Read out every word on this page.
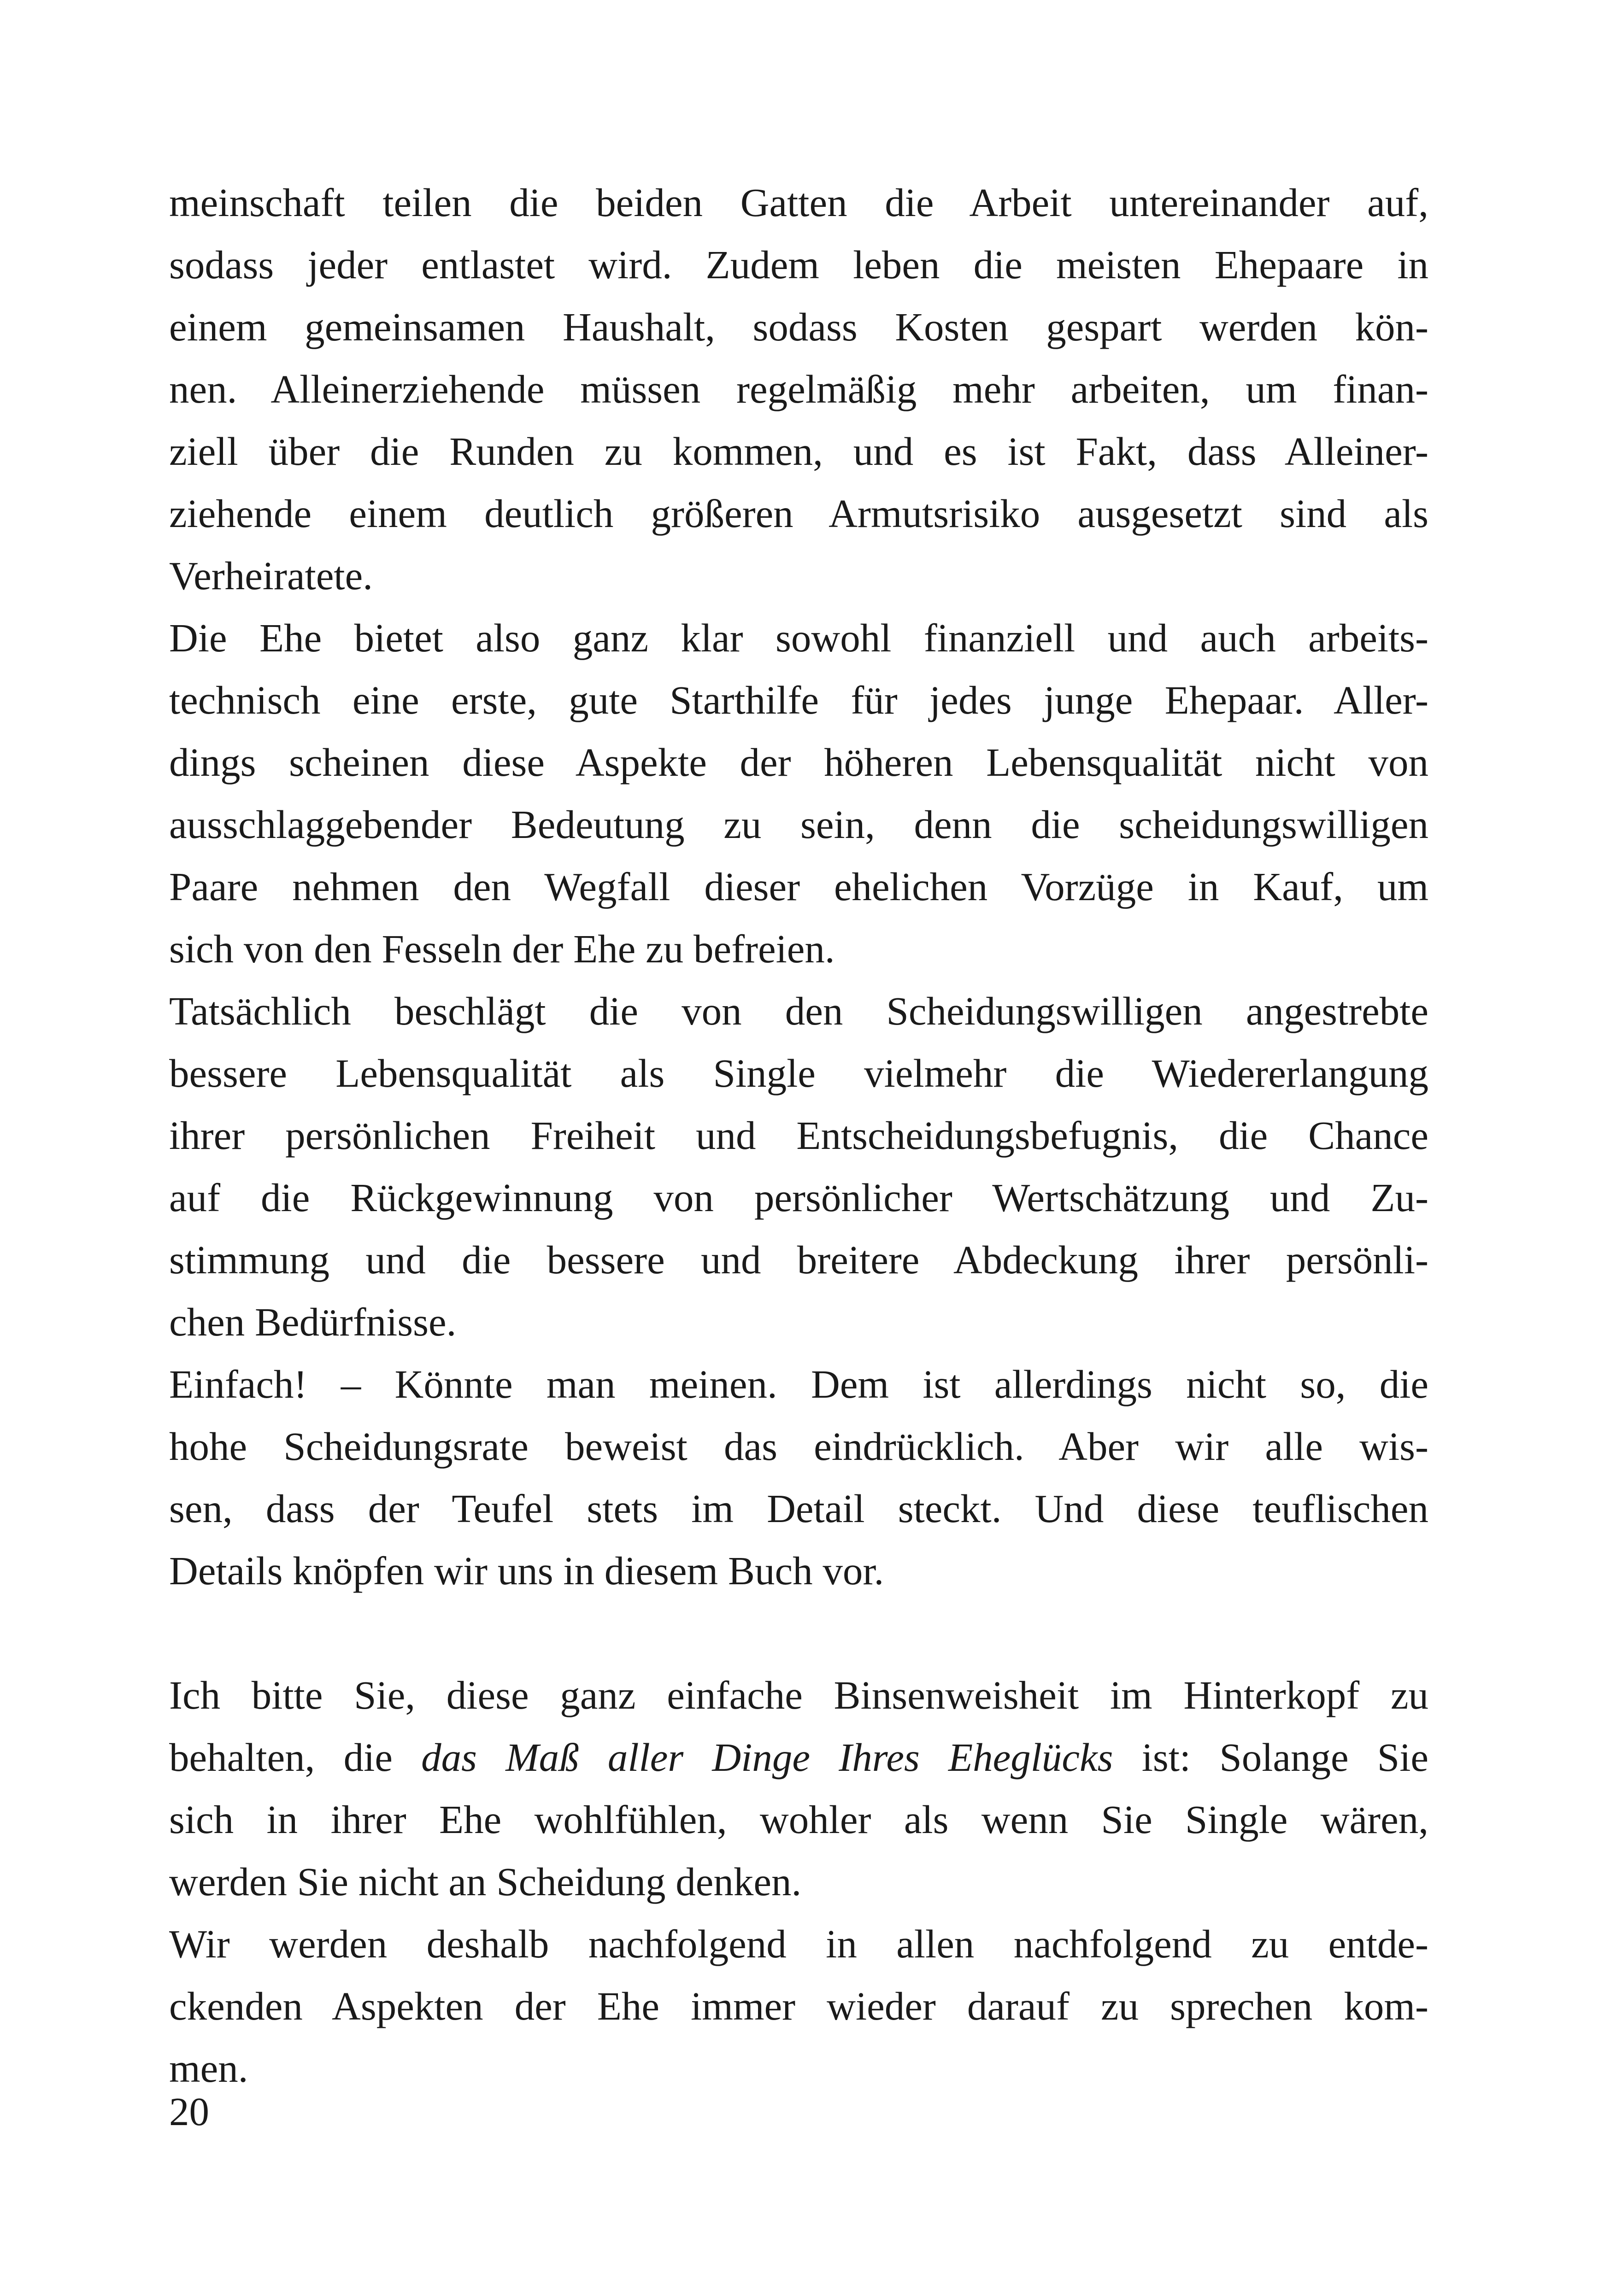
meinschaft teilen die beiden Gatten die Arbeit untereinander auf,
sodass jeder entlastet wird. Zudem leben die meisten Ehepaare in
einem gemeinsamen Haushalt, sodass Kosten gespart werden kön-
nen. Alleinerziehende müssen regelmäßig mehr arbeiten, um finan-
ziell über die Runden zu kommen, und es ist Fakt, dass Alleiner-
ziehende einem deutlich größeren Armutsrisiko ausgesetzt sind als
Verheiratete.
Die Ehe bietet also ganz klar sowohl finanziell und auch arbeits-
technisch eine erste, gute Starthilfe für jedes junge Ehepaar. Aller-
dings scheinen diese Aspekte der höheren Lebensqualität nicht von
ausschlaggebender Bedeutung zu sein, denn die scheidungswilligen
Paare nehmen den Wegfall dieser ehelichen Vorzüge in Kauf, um
sich von den Fesseln der Ehe zu befreien.
Tatsächlich beschlägt die von den Scheidungswilligen angestrebte
bessere Lebensqualität als Single vielmehr die Wiedererlangung
ihrer persönlichen Freiheit und Entscheidungsbefugnis, die Chance
auf die Rückgewinnung von persönlicher Wertschätzung und Zu-
stimmung und die bessere und breitere Abdeckung ihrer persönli-
chen Bedürfnisse.
Einfach! – Könnte man meinen. Dem ist allerdings nicht so, die
hohe Scheidungsrate beweist das eindrücklich. Aber wir alle wis-
sen, dass der Teufel stets im Detail steckt. Und diese teuflischen
Details knöpfen wir uns in diesem Buch vor.
Ich bitte Sie, diese ganz einfache Binsenweisheit im Hinterkopf zu
behalten, die das Maß aller Dinge Ihres Eheglücks ist: Solange Sie
sich in ihrer Ehe wohlfühlen, wohler als wenn Sie Single wären,
werden Sie nicht an Scheidung denken.
Wir werden deshalb nachfolgend in allen nachfolgend zu entde-
ckenden Aspekten der Ehe immer wieder darauf zu sprechen kom-
men.
20
